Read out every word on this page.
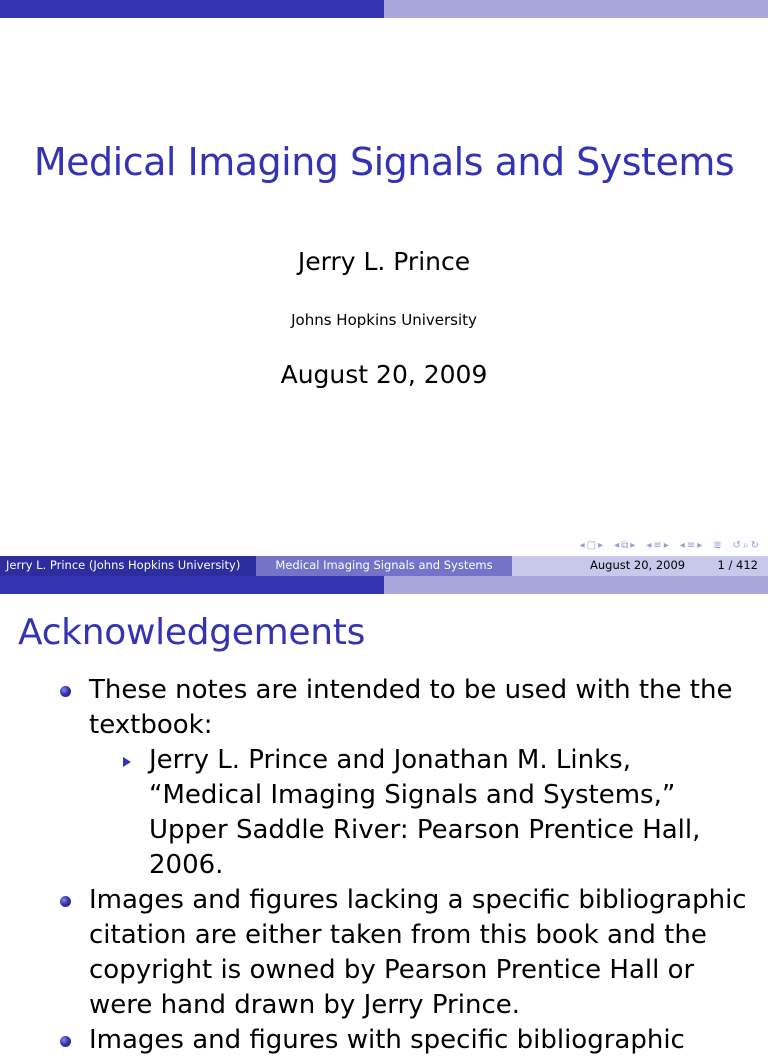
Medical Imaging Signals and Systems
Jerry L. Prince
Johns Hopkins University
August 20, 2009
◂ □ ▸ ◂ ⧉ ▸ ◂ ≡ ▸ ◂ ≡ ▸ ≣ ↺ ⌕ ↻
Jerry L. Prince (Johns Hopkins University)	Medical Imaging Signals and Systems	August 20, 2009	1 / 412
Acknowledgements
These notes are intended to be used with the the textbook:
Jerry L. Prince and Jonathan M. Links, “Medical Imaging Signals and Systems,” Upper Saddle River: Pearson Prentice Hall, 2006.
Images and figures lacking a specific bibliographic citation are either taken from this book and the copyright is owned by Pearson Prentice Hall or were hand drawn by Jerry Prince.
Images and figures with specific bibliographic
